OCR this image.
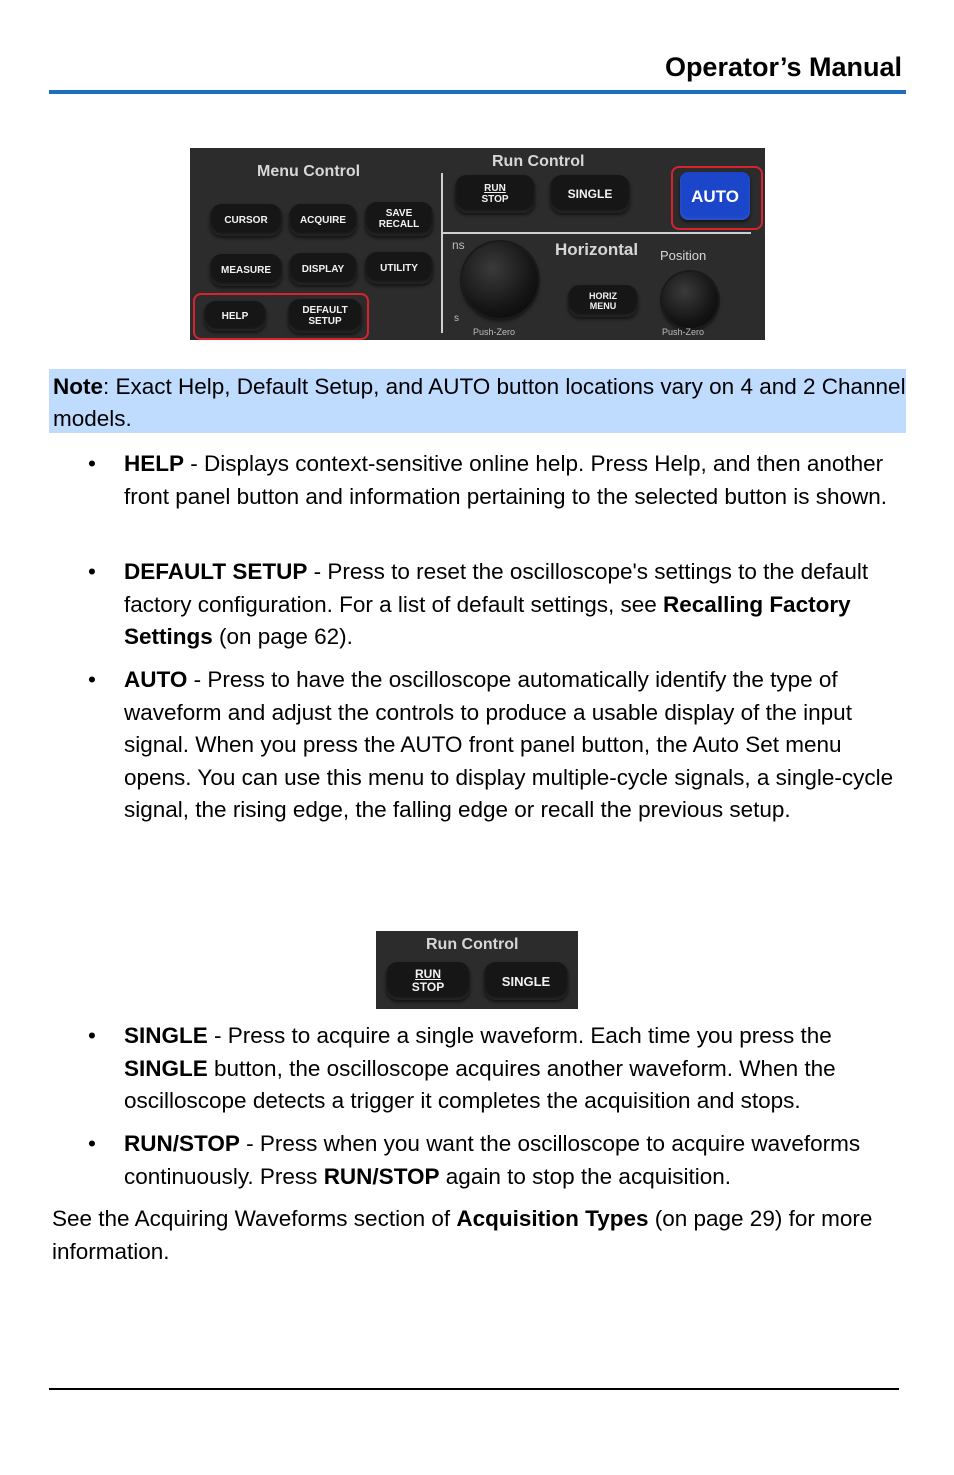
Operator’s Manual
Menu Control
Run Control
CURSOR	ACQUIRE
SAVE
RECALL
MEASURE	DISPLAY	UTILITY
HELP	DEFAULT
SETUP
RUN
STOP	SINGLE	AUTO
ns
s
Push-Zero
Horizontal Position
HORIZ
MENU
Push-Zero
Note: Exact Help, Default Setup, and AUTO button locations vary on 4 and 2 Channel models.
• HELP - Displays context-sensitive online help. Press Help, and then another front panel button and information pertaining to the selected button is shown.
• DEFAULT SETUP - Press to reset the oscilloscope's settings to the default factory configuration. For a list of default settings, see Recalling Factory Settings (on page 62).
• AUTO - Press to have the oscilloscope automatically identify the type of waveform and adjust the controls to produce a usable display of the input signal. When you press the AUTO front panel button, the Auto Set menu opens. You can use this menu to display multiple-cycle signals, a single-cycle signal, the rising edge, the falling edge or recall the previous setup.
Run Control
RUN
STOP	SINGLE
• SINGLE - Press to acquire a single waveform. Each time you press the SINGLE button, the oscilloscope acquires another waveform. When the oscilloscope detects a trigger it completes the acquisition and stops.
• RUN/STOP - Press when you want the oscilloscope to acquire waveforms continuously. Press RUN/STOP again to stop the acquisition.
See the Acquiring Waveforms section of Acquisition Types (on page 29) for more information.
